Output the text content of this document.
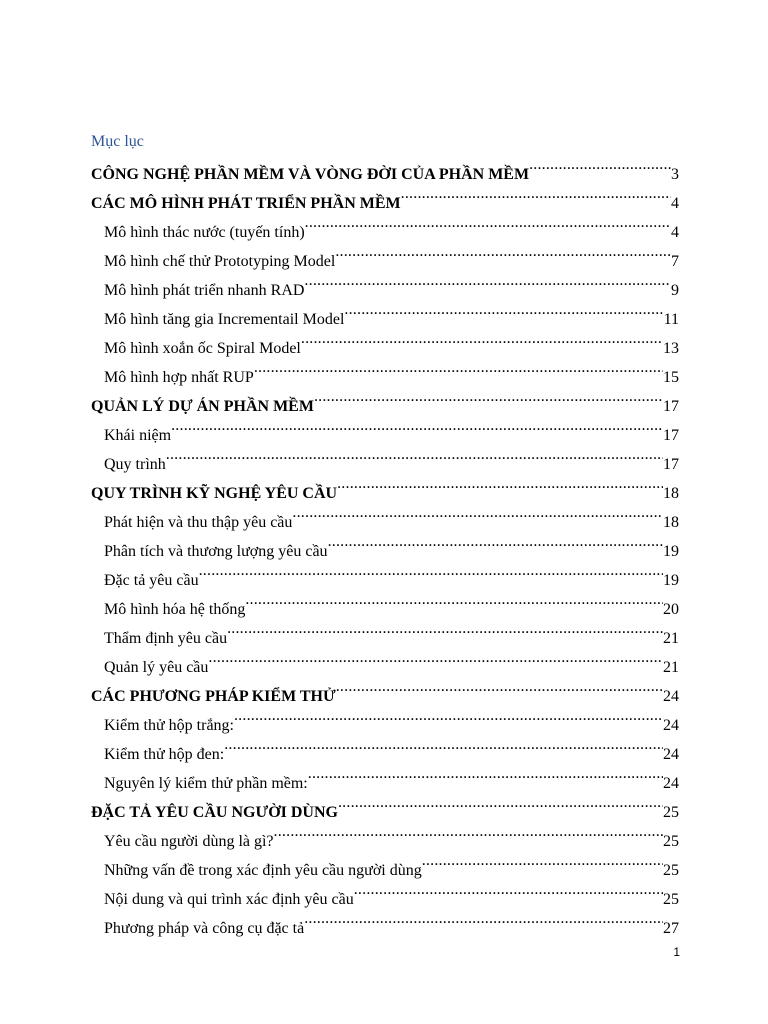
Mục lục
CÔNG NGHỆ PHẦN MỀM VÀ VÒNG ĐỜI CỦA PHẦN MỀM .....	3
CÁC MÔ HÌNH PHÁT TRIỂN PHẦN MỀM .....	4
Mô hình thác nước (tuyến tính) .....	4
Mô hình chế thử Prototyping Model .....	7
Mô hình phát triển nhanh RAD .....	9
Mô hình tăng gia Incrementail Model .....	11
Mô hình xoắn ốc Spiral Model .....	13
Mô hình hợp nhất RUP .....	15
QUẢN LÝ DỰ ÁN PHẦN MỀM .....	17
Khái niệm .....	17
Quy trình .....	17
QUY TRÌNH KỸ NGHỆ YÊU CẦU .....	18
Phát hiện và thu thập yêu cầu .....	18
Phân tích và thương lượng yêu cầu .....	19
Đặc tả yêu cầu .....	19
Mô hình hóa hệ thống .....	20
Thẩm định yêu cầu .....	21
Quản lý yêu cầu .....	21
CÁC PHƯƠNG PHÁP KIỂM THỬ .....	24
Kiểm thử hộp trắng: .....	24
Kiểm thử hộp đen: .....	24
Nguyên lý kiểm thử phần mềm: .....	24
ĐẶC TẢ YÊU CẦU NGƯỜI DÙNG .....	25
Yêu cầu người dùng là gì? .....	25
Những vấn đề trong xác định yêu cầu người dùng .....	25
Nội dung và qui trình xác định yêu cầu .....	25
Phương pháp và công cụ đặc tả .....	27
1
